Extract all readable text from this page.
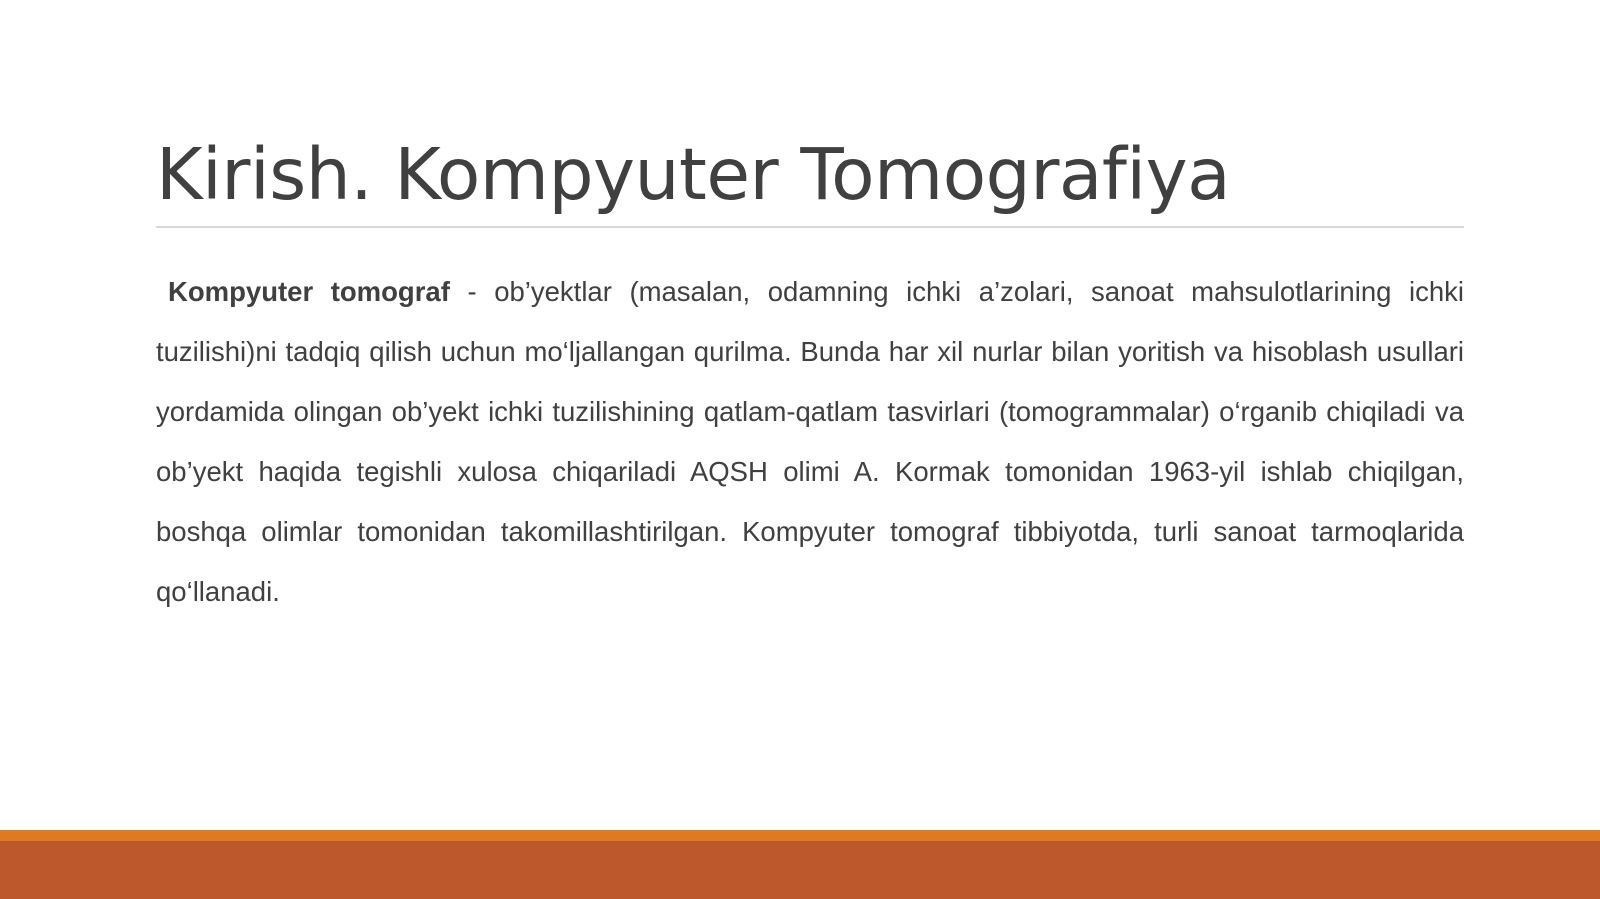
Kirish. Kompyuter Tomografiya

Kompyuter tomograf - ob’yektlar (masalan, odamning ichki a’zolari, sanoat mahsulotlarining ichki tuzilishi)ni tadqiq qilish uchun mo‘ljallangan qurilma. Bunda har xil nurlar bilan yoritish va hisoblash usullari yordamida olingan ob’yekt ichki tuzilishining qatlam-qatlam tasvirlari (tomogrammalar) o‘rganib chiqiladi va ob’yekt haqida tegishli xulosa chiqariladi AQSH olimi A. Kormak tomonidan 1963-yil ishlab chiqilgan, boshqa olimlar tomonidan takomillashtirilgan. Kompyuter tomograf tibbiyotda, turli sanoat tarmoqlarida qo‘llanadi.
